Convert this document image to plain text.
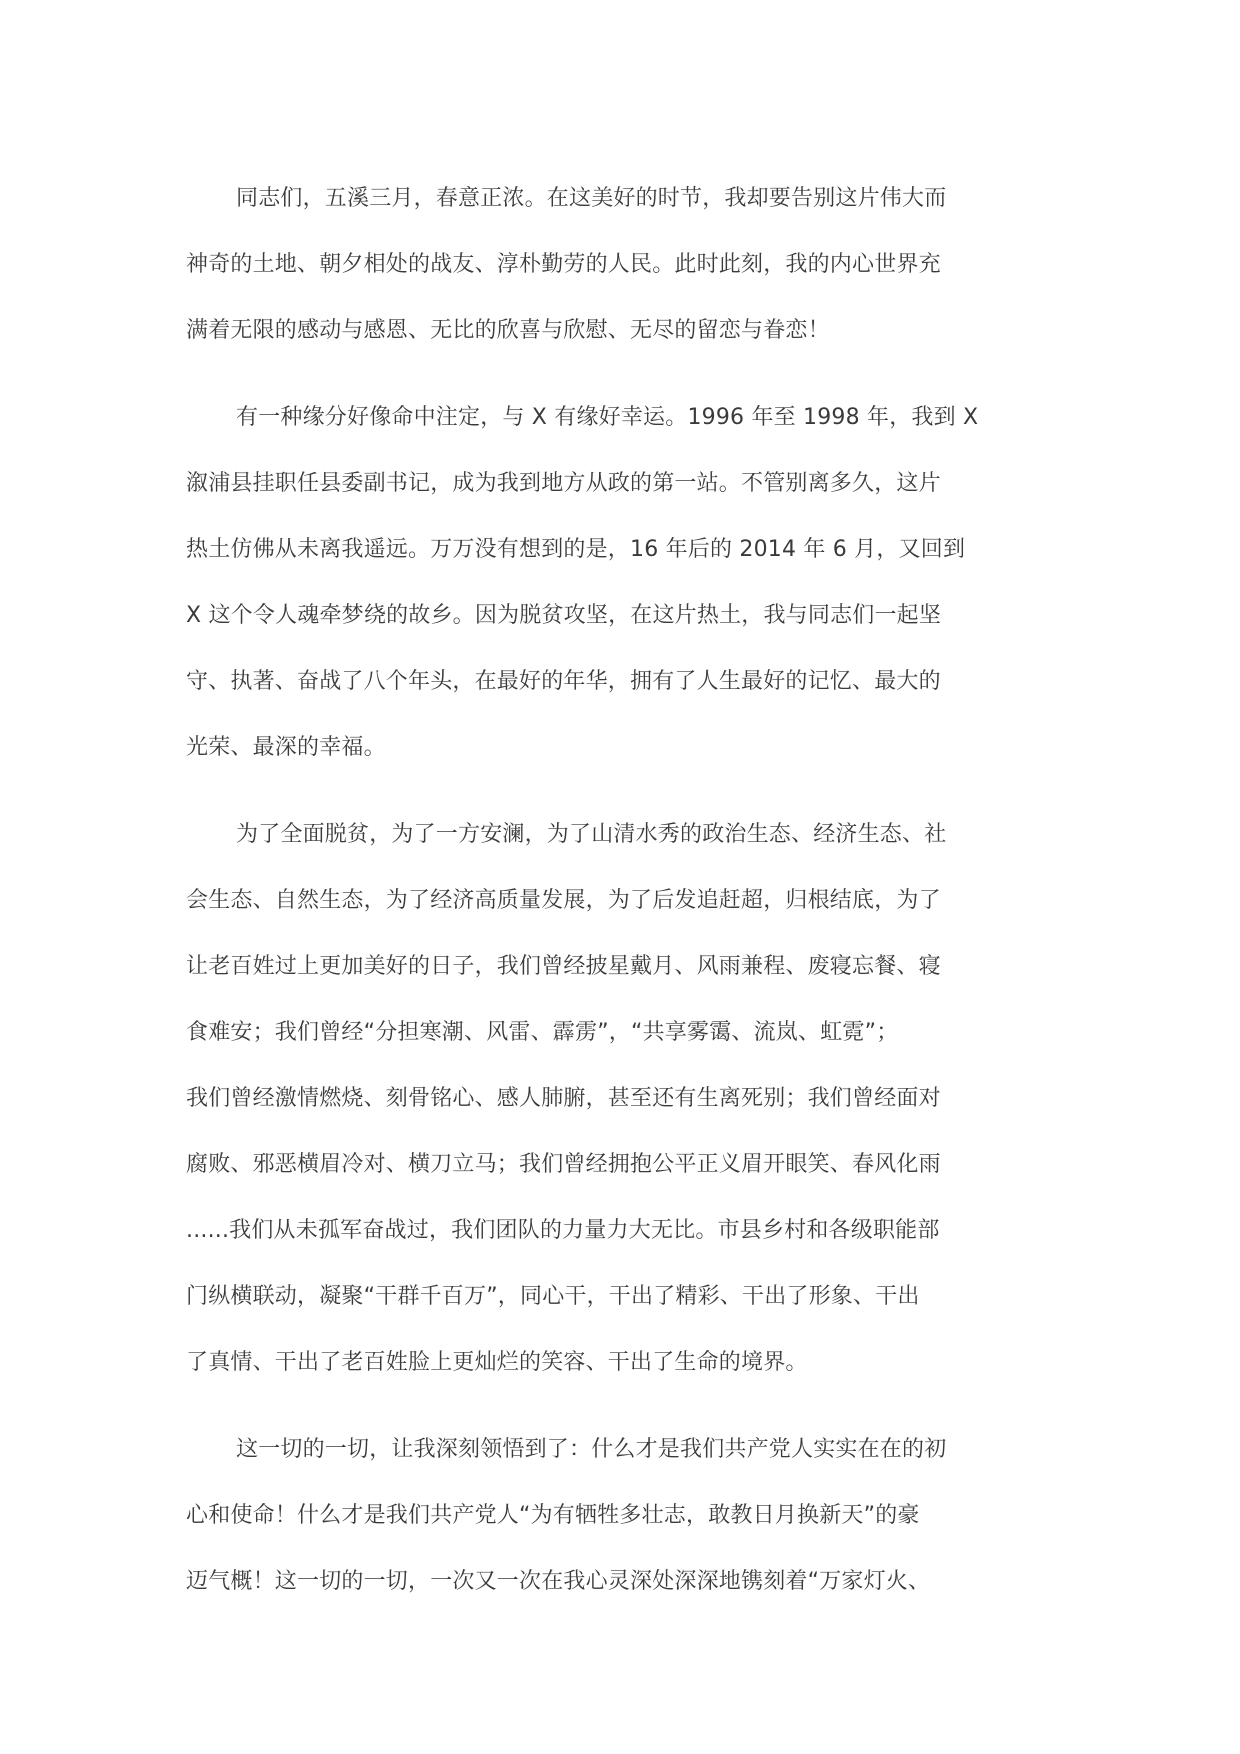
同志们，五溪三月，春意正浓。在这美好的时节，我却要告别这片伟大而
神奇的土地、朝夕相处的战友、淳朴勤劳的人民。此时此刻，我的内心世界充
满着无限的感动与感恩、无比的欣喜与欣慰、无尽的留恋与眷恋！
有一种缘分好像命中注定，与 X 有缘好幸运。1996 年至 1998 年，我到 X
溆浦县挂职任县委副书记，成为我到地方从政的第一站。不管别离多久，这片
热土仿佛从未离我遥远。万万没有想到的是，16 年后的 2014 年 6 月，又回到
X 这个令人魂牵梦绕的故乡。因为脱贫攻坚，在这片热土，我与同志们一起坚
守、执著、奋战了八个年头，在最好的年华，拥有了人生最好的记忆、最大的
光荣、最深的幸福。
为了全面脱贫，为了一方安澜，为了山清水秀的政治生态、经济生态、社
会生态、自然生态，为了经济高质量发展，为了后发追赶超，归根结底，为了
让老百姓过上更加美好的日子，我们曾经披星戴月、风雨兼程、废寝忘餐、寝
食难安；我们曾经“分担寒潮、风雷、霹雳”，“共享雾霭、流岚、虹霓”；
我们曾经激情燃烧、刻骨铭心、感人肺腑，甚至还有生离死别；我们曾经面对
腐败、邪恶横眉冷对、横刀立马；我们曾经拥抱公平正义眉开眼笑、春风化雨
......我们从未孤军奋战过，我们团队的力量力大无比。市县乡村和各级职能部
门纵横联动，凝聚“干群千百万”，同心干，干出了精彩、干出了形象、干出
了真情、干出了老百姓脸上更灿烂的笑容、干出了生命的境界。
这一切的一切，让我深刻领悟到了：什么才是我们共产党人实实在在的初
心和使命！什么才是我们共产党人“为有牺牲多壮志，敢教日月换新天”的豪
迈气概！这一切的一切，一次又一次在我心灵深处深深地镌刻着“万家灯火、
